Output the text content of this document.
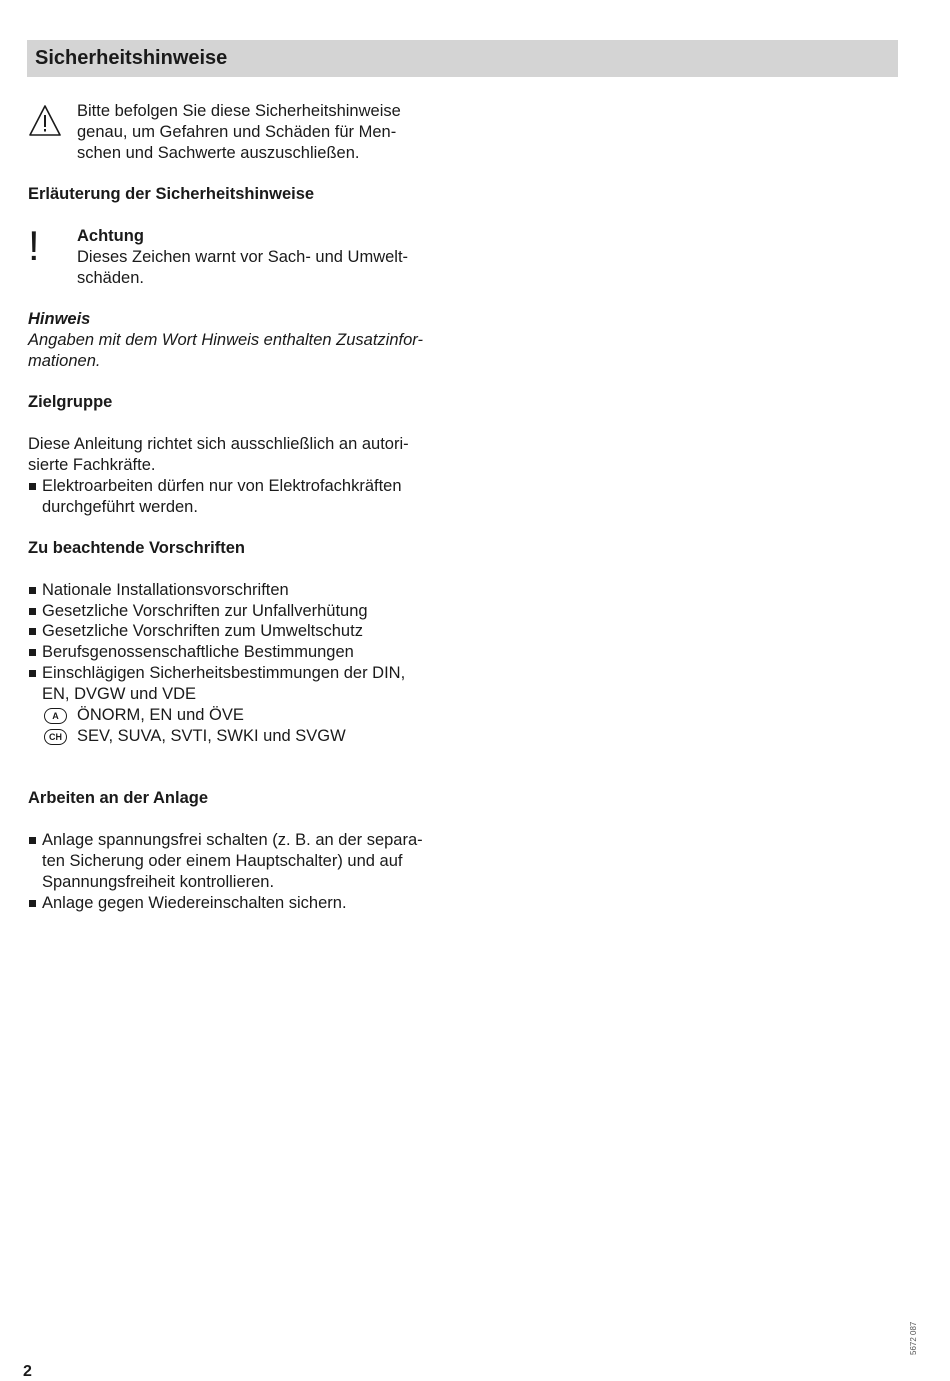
Sicherheitshinweise
!
Bitte befolgen Sie diese Sicherheitshinweise
genau, um Gefahren und Schäden für Men-
schen und Sachwerte auszuschließen.
Erläuterung der Sicherheitshinweise
Achtung
Dieses Zeichen warnt vor Sach- und Umwelt-
schäden.
Hinweis
Angaben mit dem Wort Hinweis enthalten Zusatzinfor-
mationen.
Zielgruppe
Diese Anleitung richtet sich ausschließlich an autori-
sierte Fachkräfte.
Elektroarbeiten dürfen nur von Elektrofachkräften
durchgeführt werden.
Zu beachtende Vorschriften
Nationale Installationsvorschriften
Gesetzliche Vorschriften zur Unfallverhütung
Gesetzliche Vorschriften zum Umweltschutz
Berufsgenossenschaftliche Bestimmungen
Einschlägigen Sicherheitsbestimmungen der DIN,
EN, DVGW und VDE
A	ÖNORM, EN und ÖVE
CH SEV, SUVA, SVTI, SWKI und SVGW
Arbeiten an der Anlage
Anlage spannungsfrei schalten (z. B. an der separa-
ten Sicherung oder einem Hauptschalter) und auf
Spannungsfreiheit kontrollieren.
Anlage gegen Wiedereinschalten sichern.
2
5672 087
